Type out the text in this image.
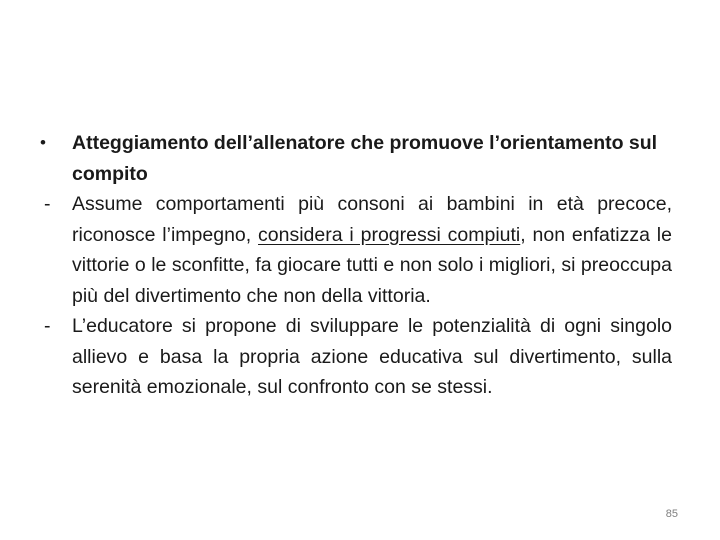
•	Atteggiamento dell’allenatore che promuove l’orientamento sul compito
-	Assume comportamenti più consoni ai bambini in età precoce, riconosce l’impegno, considera i progressi compiuti, non enfatizza le vittorie o le sconfitte, fa giocare tutti e non solo i migliori, si preoccupa più del divertimento che non della vittoria.
-	L’educatore si propone di sviluppare le potenzialità di ogni singolo allievo e basa la propria azione educativa sul divertimento, sulla serenità emozionale, sul confronto con se stessi.
85
